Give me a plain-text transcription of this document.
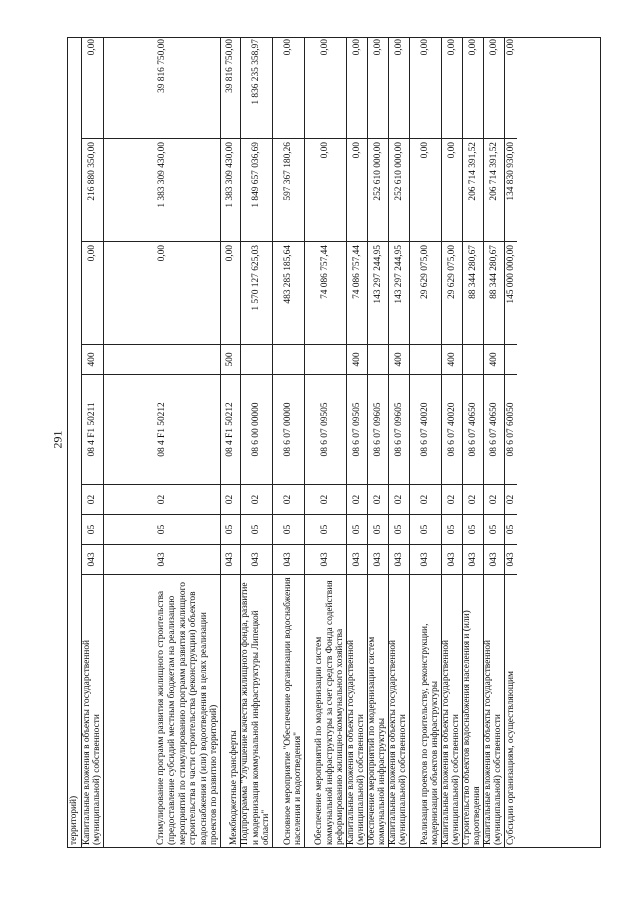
291
территорий) Капитальные вложения в объекты государственной (муниципальной) собственности
043
05
02
08 4 F1 50211
400
0,00
216 880 350,00
0,00
Стимулирование программ развития жилищного строительства (предоставление субсидий местным бюджетам на реализацию мероприятий по стимулированию программ развития жилищного строительства в части строительства (реконструкции) объектов водоснабжения и (или) водоотведения в целях реализации проектов по развитию территорий)
043
05
02
08 4 F1 50212
0,00
1 383 309 430,00
39 816 750,00
Межбюджетные трансферты
043
05
02
08 4 F1 50212
500
0,00
1 383 309 430,00
39 816 750,00
Подпрограмма "Улучшение качества жилищного фонда, развитие и модернизация коммунальной инфраструктуры Липецкой области"
043
05
02
08 6 00 00000
1 570 127 625,03
1 849 657 036,69
1 836 235 358,97
Основное мероприятие "Обеспечение организации водоснабжения населения и водоотведения"
043
05
02
08 6 07 00000
483 285 185,64
597 367 180,26
0,00
Обеспечение мероприятий по модернизации систем коммунальной инфраструктуры за счет средств Фонда содействия реформированию жилищно-коммунального хозяйства
043
05
02
08 6 07 09505
74 086 757,44
0,00
0,00
Капитальные вложения в объекты государственной (муниципальной) собственности
043
05
02
08 6 07 09505
400
74 086 757,44
0,00
0,00
Обеспечение мероприятий по модернизации систем коммунальной инфраструктуры
043
05
02
08 6 07 09605
143 297 244,95
252 610 000,00
0,00
Капитальные вложения в объекты государственной (муниципальной) собственности
043
05
02
08 6 07 09605
400
143 297 244,95
252 610 000,00
0,00
Реализация проектов по строительству, реконструкции, модернизации объектов инфраструктуры
043
05
02
08 6 07 40020
29 629 075,00
0,00
0,00
Капитальные вложения в объекты государственной (муниципальной) собственности
043
05
02
08 6 07 40020
400
29 629 075,00
0,00
0,00
Строительство объектов водоснабжения населения и (или) водоотведения
043
05
02
08 6 07 40650
88 344 280,67
206 714 391,52
0,00
Капитальные вложения в объекты государственной (муниципальной) собственности
043
05
02
08 6 07 40650
400
88 344 280,67
206 714 391,52
0,00
Субсидии организациям, осуществляющим
043
05
02
08 6 07 60050
145 000 000,00
134 830 930,00
0,00
